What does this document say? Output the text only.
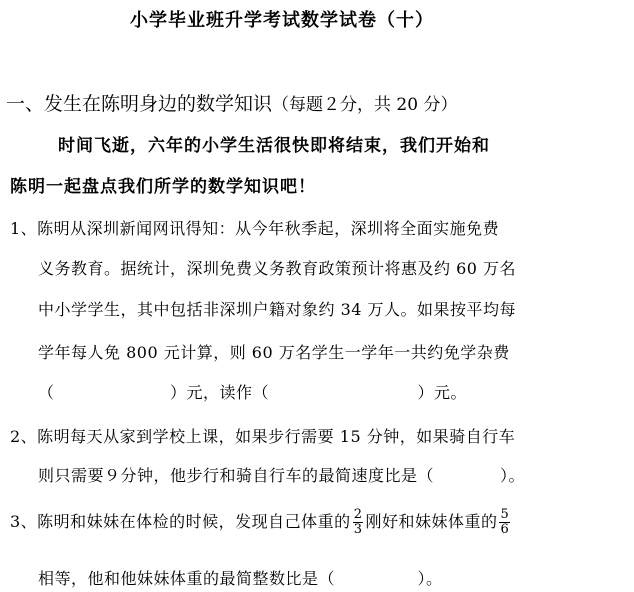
小学毕业班升学考试数学试卷（十）
一、发生在陈明身边的数学知识（每题２分，共 20 分）
时间飞逝，六年的小学生活很快即将结束，我们开始和
陈明一起盘点我们所学的数学知识吧！
1、陈明从深圳新闻网讯得知：从今年秋季起，深圳将全面实施免费
义务教育。据统计，深圳免费义务教育政策预计将惠及约 60 万名
中小学学生，其中包括非深圳户籍对象约 34 万人。如果按平均每
学年每人免 800 元计算，则 60 万名学生一学年一共约免学杂费
（　　　　　　　）元，读作（　　　　　　　　　）元。
2、陈明每天从家到学校上课，如果步行需要 15 分钟，如果骑自行车
则只需要９分钟，他步行和骑自行车的最简速度比是（　　　　）。
3、陈明和妹妹在体检的时候，发现自己体重的 $\frac{2}{3}$ 刚好和妹妹体重的 $\frac{5}{6}$
相等，他和他妹妹体重的最简整数比是（　　　　　）。
